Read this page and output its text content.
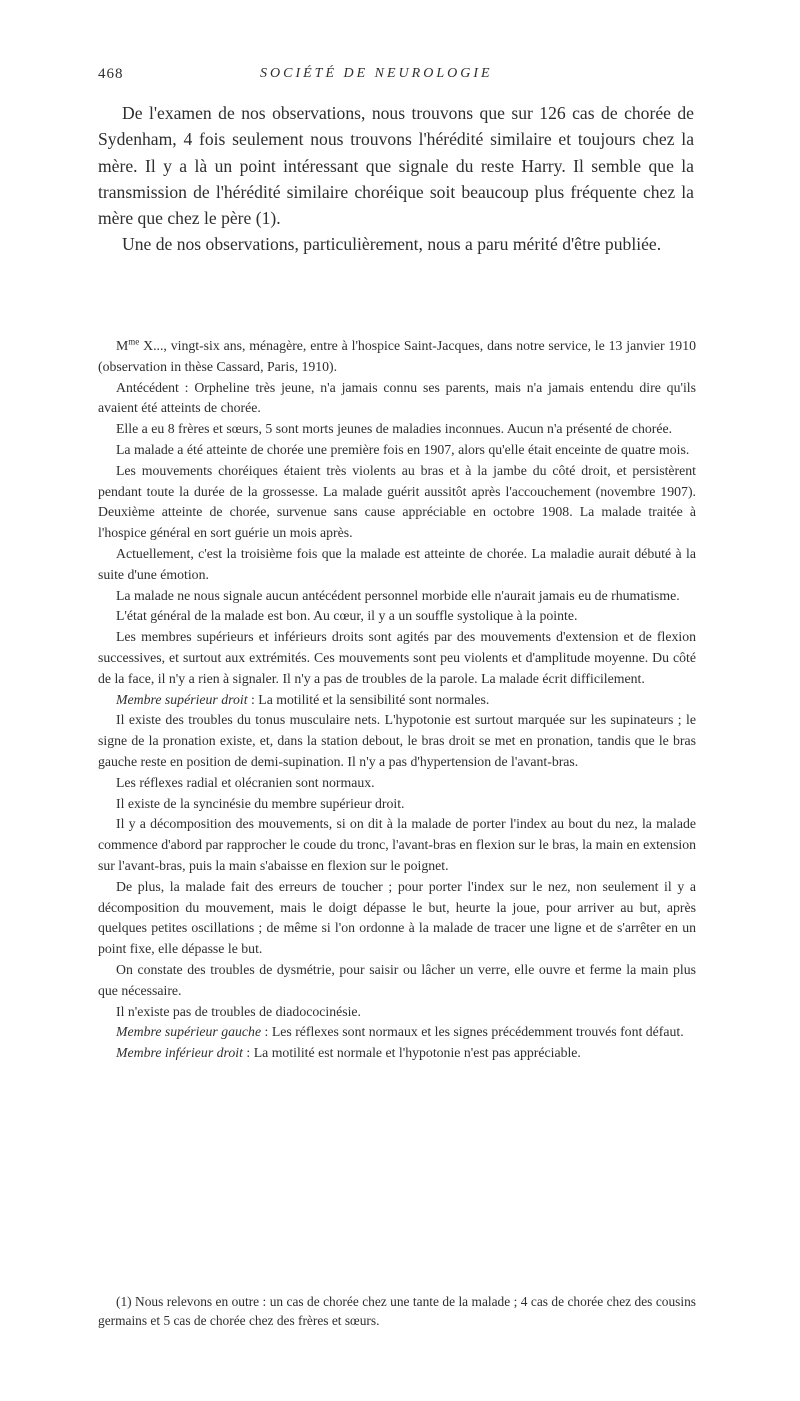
468	SOCIÉTÉ DE NEUROLOGIE

De l'examen de nos observations, nous trouvons que sur 126 cas de chorée de Sydenham, 4 fois seulement nous trouvons l'hérédité similaire et toujours chez la mère. Il y a là un point intéressant que signale du reste Harry. Il semble que la transmission de l'hérédité similaire choréique soit beaucoup plus fréquente chez la mère que chez le père (1).

Une de nos observations, particulièrement, nous a paru mérité d'être publiée.

$M^{me}$ X..., vingt-six ans, ménagère, entre à l'hospice Saint-Jacques, dans notre service, le 13 janvier 1910 (observation in thèse Cassard, Paris, 1910).

Antécédent : Orpheline très jeune, n'a jamais connu ses parents, mais n'a jamais entendu dire qu'ils avaient été atteints de chorée.

Elle a eu 8 frères et sœurs, 5 sont morts jeunes de maladies inconnues. Aucun n'a présenté de chorée.

La malade a été atteinte de chorée une première fois en 1907, alors qu'elle était enceinte de quatre mois.

Les mouvements choréiques étaient très violents au bras et à la jambe du côté droit, et persistèrent pendant toute la durée de la grossesse. La malade guérit aussitôt après l'accouchement (novembre 1907). Deuxième atteinte de chorée, survenue sans cause appréciable en octobre 1908. La malade traitée à l'hospice général en sort guérie un mois après.

Actuellement, c'est la troisième fois que la malade est atteinte de chorée. La maladie aurait débuté à la suite d'une émotion.

La malade ne nous signale aucun antécédent personnel morbide elle n'aurait jamais eu de rhumatisme.

L'état général de la malade est bon. Au cœur, il y a un souffle systolique à la pointe.

Les membres supérieurs et inférieurs droits sont agités par des mouvements d'extension et de flexion successives, et surtout aux extrémités. Ces mouvements sont peu violents et d'amplitude moyenne. Du côté de la face, il n'y a rien à signaler. Il n'y a pas de troubles de la parole. La malade écrit difficilement.

Membre supérieur droit : La motilité et la sensibilité sont normales.

Il existe des troubles du tonus musculaire nets. L'hypotonie est surtout marquée sur les supinateurs ; le signe de la pronation existe, et, dans la station debout, le bras droit se met en pronation, tandis que le bras gauche reste en position de demi-supination. Il n'y a pas d'hypertension de l'avant-bras.

Les réflexes radial et olécranien sont normaux.

Il existe de la syncinésie du membre supérieur droit.

Il y a décomposition des mouvements, si on dit à la malade de porter l'index au bout du nez, la malade commence d'abord par rapprocher le coude du tronc, l'avant-bras en flexion sur le bras, la main en extension sur l'avant-bras, puis la main s'abaisse en flexion sur le poignet.

De plus, la malade fait des erreurs de toucher ; pour porter l'index sur le nez, non seulement il y a décomposition du mouvement, mais le doigt dépasse le but, heurte la joue, pour arriver au but, après quelques petites oscillations ; de même si l'on ordonne à la malade de tracer une ligne et de s'arrêter en un point fixe, elle dépasse le but.

On constate des troubles de dysmétrie, pour saisir ou lâcher un verre, elle ouvre et ferme la main plus que nécessaire.

Il n'existe pas de troubles de diadococinésie.

Membre supérieur gauche : Les réflexes sont normaux et les signes précédemment trouvés font défaut.

Membre inférieur droit : La motilité est normale et l'hypotonie n'est pas appréciable.

(1) Nous relevons en outre : un cas de chorée chez une tante de la malade ; 4 cas de chorée chez des cousins germains et 5 cas de chorée chez des frères et sœurs.
